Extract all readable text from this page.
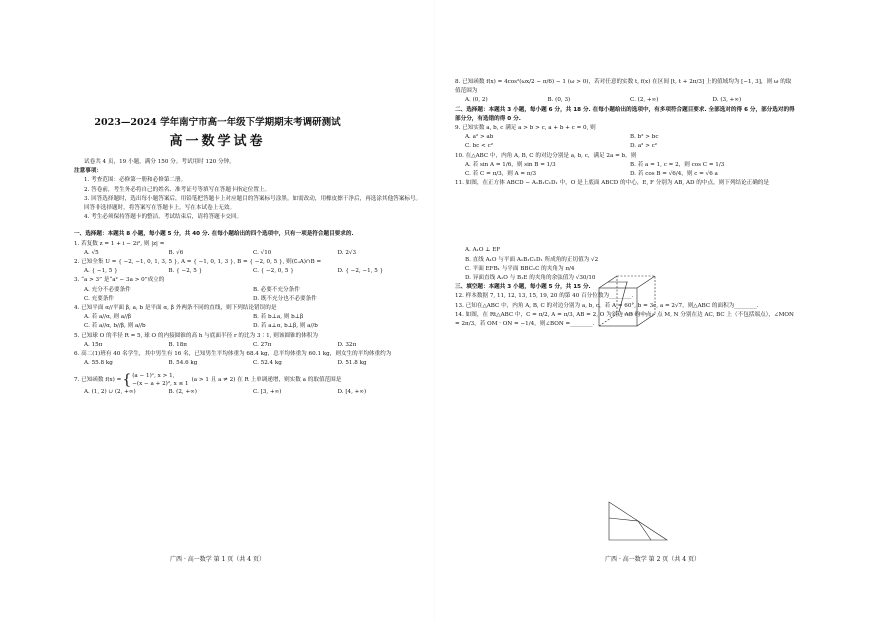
2023—2024 学年南宁市高一年级下学期期末考调研测试
高一数学试卷

试卷共 4 页，19 小题，满分 150 分。考试用时 120 分钟。

注意事项：

1. 考查范围：必修第一册和必修第二册。

2. 答卷前，考生务必将自己的姓名、准考证号等填写在答题卡指定位置上。

3. 回答选择题时，选出每小题答案后，用铅笔把答题卡上对应题目的答案标号涂黑。如需改动，用橡皮擦干净后，再选涂其他答案标号。回答非选择题时，将答案写在答题卡上。写在本试卷上无效。

4. 考生必须保持答题卡的整洁。考试结束后，请将答题卡交回。

一、选择题：本题共 8 小题，每小题 5 分，共 40 分. 在每小题给出的四个选项中，只有一项是符合题目要求的.

1. 若复数 z = 1 + i − 2i², 则 |z| =

A. √5	B. √6	C. √10	D. 2√3

2. 已知全集 U = { −2, −1, 0, 1, 3, 5 }, A = { −1, 0, 1, 3 }, B = { −2, 0, 5 }, 则(∁ᵤA)∩B =

A. { −1, 5 }	B. { −2, 5 }	C. { −2, 0, 5 }	D. { −2, −1, 5 }

3. “a > 3” 是“a² − 3a > 0”成立的

A. 充分不必要条件	B. 必要不充分条件
C. 充要条件	D. 既不充分也不必要条件

4. 已知平面 α//平面 β, a, b 是平面 α, β 外两条不同的直线，则下列结论错误的是

A. 若 a//α, 则 a//β	B. 若 b⊥a, 则 b⊥β
C. 若 a//α, b//β, 则 a//b	D. 若 a⊥α, b⊥β, 则 a//b

5. 已知球 O 的半径 R = 5, 球 O 的内接圆锥的高 h 与底面半径 r 的比为 3∶1, 则该圆锥的体积为

A. 15π	B. 18π	C. 27π	D. 32π

6. 高二(1)班有 40 名学生，其中男生有 16 名，已知男生平均体重为 68.4 kg，总平均体重为 60.1 kg，则女生的平均体重约为

A. 55.8 kg	B. 54.6 kg	C. 52.4 kg	D. 51.8 kg
7. 已知函数 f(x) = { (a − 1)ˣ, x > 1,
−(x − a + 2)², x ≤ 1
(a > 1 且 a ≠ 2) 在 R 上单调递增，则实数 a 的取值范围是
A. (1, 2) ∪ (2, +∞)	B. (2, +∞)	C. [3, +∞)	D. [4, +∞)
广西 · 高一数学 第 1 页（共 4 页）

8. 已知函数 f(x) = 4cos²(ωx/2 − π/6) − 1 (ω > 0)，若对任意的实数 t, f(x) 在区间 [t, t + 2π/3] 上的值域均为 [−1, 3]，则 ω 的取值范围为

A. (0, 2)	B. (0, 3)	C. (2, +∞)	D. (3, +∞)

二、选择题：本题共 3 小题，每小题 6 分，共 18 分. 在每小题给出的选项中，有多项符合题目要求. 全部选对的得 6 分，部分选对的得部分分，有选错的得 0 分.

9. 已知实数 a, b, c 满足 a > b > c, a + b + c = 0, 则

A. a² > ab	B. b² > bc
C. bc < c²	D. a² > c²

10. 在△ABC 中，内角 A, B, C 的对边分别是 a, b, c，满足 2a = b，则

A. 若 sin A = 1/6，则 sin B = 1/3	B. 若 a = 1, c = 2，则 cos C = 1/3
C. 若 C = π/3，则 A = π/3	D. 若 cos B = √6/4，则 c = √6 a

11. 如图，在正方体 ABCD − A₁B₁C₁D₁ 中，O 是上底面 ABCD 的中心，E, F 分别为 AB, AD 的中点，则下列结论正确的是

A. A₁O ⊥ EF

B. 直线 A₁O 与平面 A₁B₁C₁D₁ 所成角的正切值为 √2

C. 平面 EFB₁ 与平面 BBC₁C 的夹角为 π/4

D. 异面直线 A₁O 与 B₁E 的夹角的余弦值为 √30/10

三、填空题：本题共 3 小题，每小题 5 分，共 15 分.

12. 样本数据 7, 11, 12, 13, 15, 19, 20 的第 40 百分位数为________.

13. 已知在△ABC 中，内角 A, B, C 的对边分别为 a, b, c，若 A = 60°, b = 3c, a = 2√7，则△ABC 的面积为________.

14. 如图，在 Rt△ABC 中，C = π/2, A = π/3, AB = 2, O 为斜边 AB 的中点，点 M, N 分别在边 AC, BC 上（不包括端点），∠MON = 2π/3，若 OM · ON = −1/4，则∠BON =________.

广西 · 高一数学 第 2 页（共 4 页）
